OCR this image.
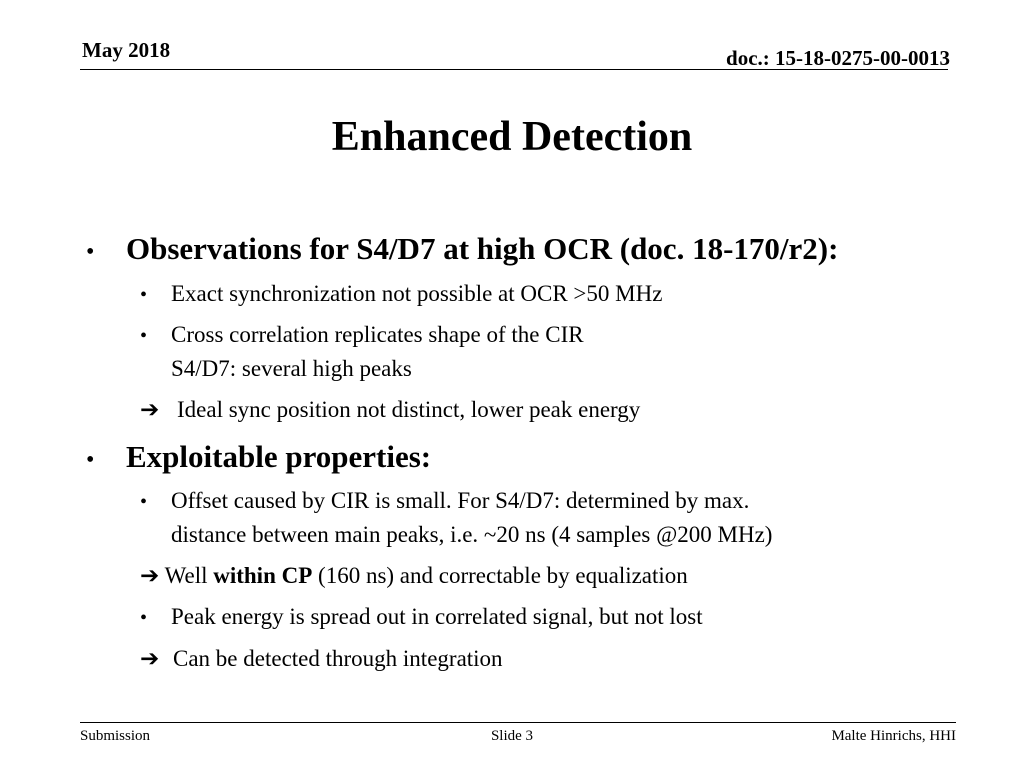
May 2018	doc.: 15-18-0275-00-0013
Enhanced Detection
• Observations for S4/D7 at high OCR (doc. 18-170/r2):
• Exact synchronization not possible at OCR >50 MHz
• Cross correlation replicates shape of the CIR
S4/D7: several high peaks
➔ Ideal sync position not distinct, lower peak energy
• Exploitable properties:
• Offset caused by CIR is small. For S4/D7: determined by max.
distance between main peaks, i.e. ~20 ns (4 samples @200 MHz)
➔ Well within CP (160 ns) and correctable by equalization
• Peak energy is spread out in correlated signal, but not lost
➔ Can be detected through integration
Submission	Slide 3	Malte Hinrichs, HHI
